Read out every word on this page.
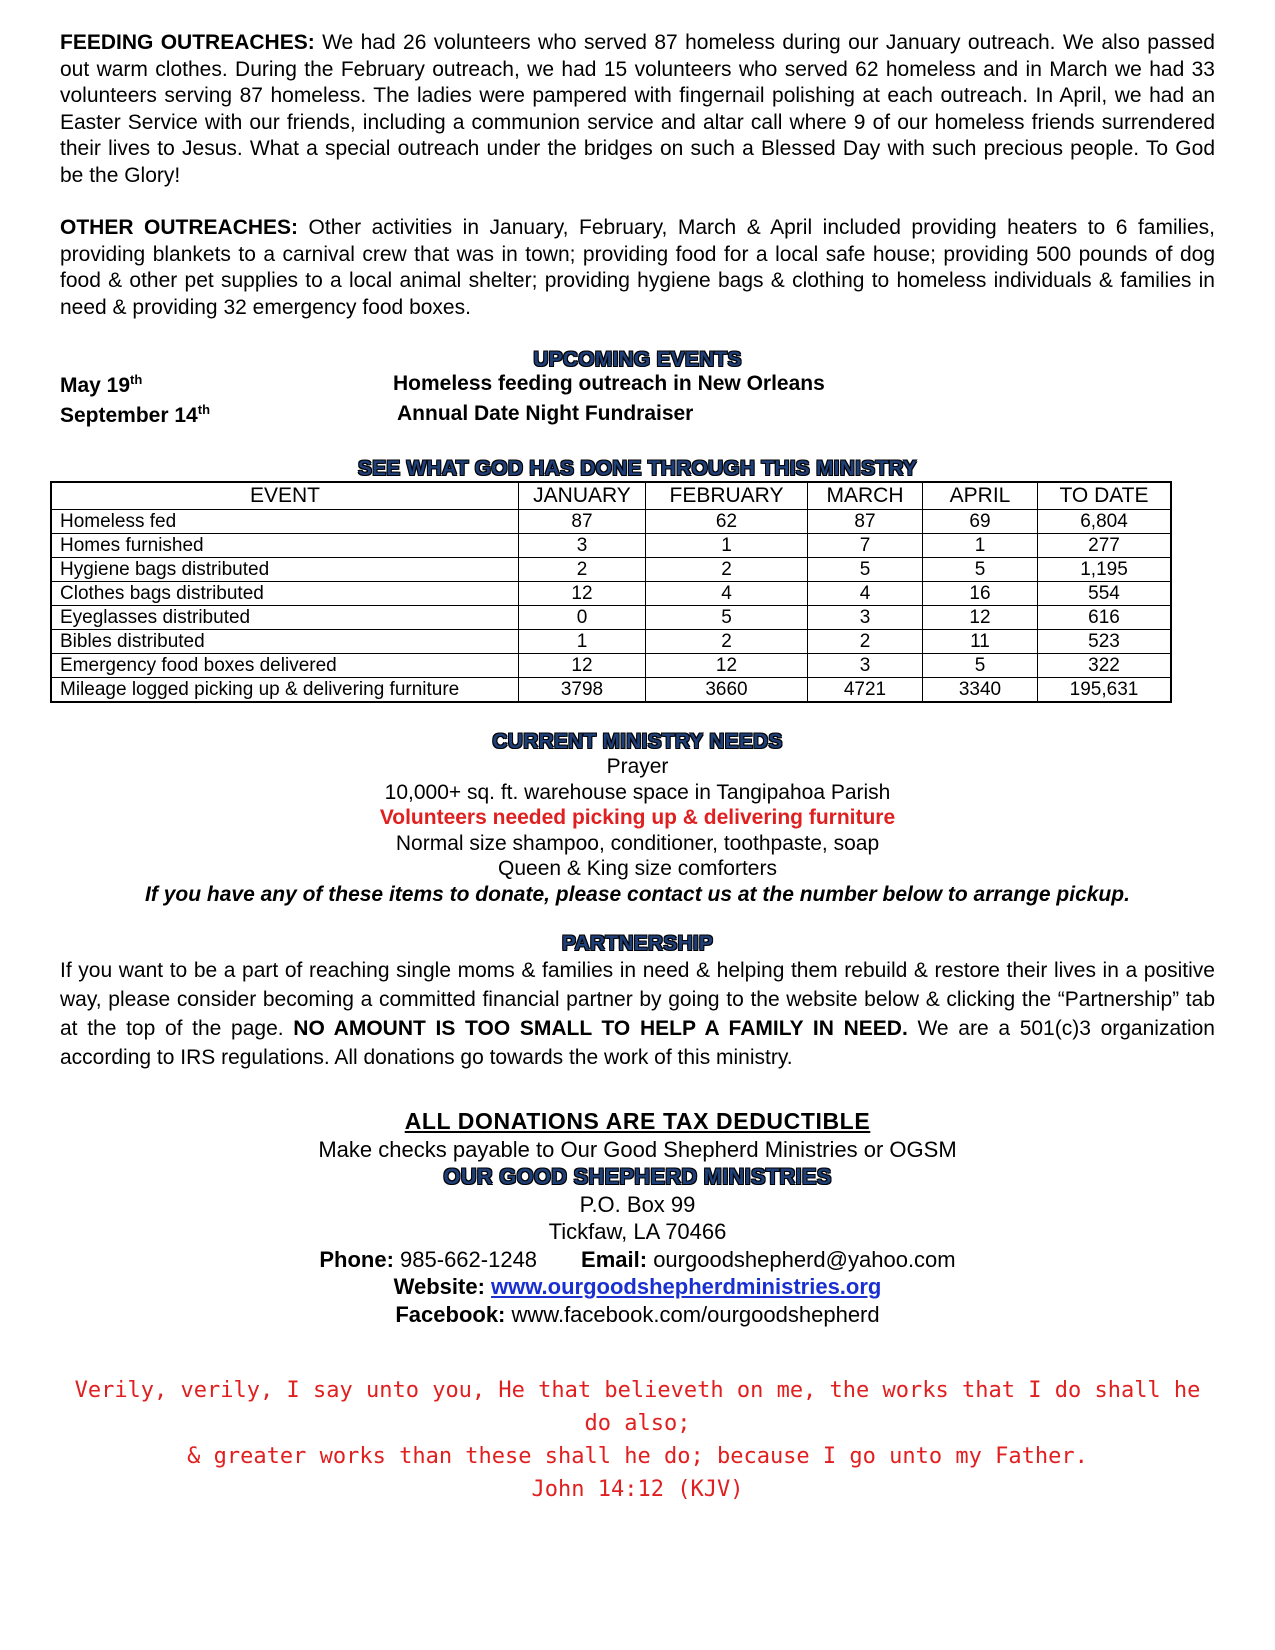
FEEDING OUTREACHES: We had 26 volunteers who served 87 homeless during our January outreach. We also passed out warm clothes. During the February outreach, we had 15 volunteers who served 62 homeless and in March we had 33 volunteers serving 87 homeless. The ladies were pampered with fingernail polishing at each outreach. In April, we had an Easter Service with our friends, including a communion service and altar call where 9 of our homeless friends surrendered their lives to Jesus. What a special outreach under the bridges on such a Blessed Day with such precious people. To God be the Glory!

OTHER OUTREACHES: Other activities in January, February, March & April included providing heaters to 6 families, providing blankets to a carnival crew that was in town; providing food for a local safe house; providing 500 pounds of dog food & other pet supplies to a local animal shelter; providing hygiene bags & clothing to homeless individuals & families in need & providing 32 emergency food boxes.

UPCOMING EVENTS
May 19th	Homeless feeding outreach in New Orleans
September 14th	Annual Date Night Fundraiser
SEE WHAT GOD HAS DONE THROUGH THIS MINISTRY
EVENT	JANUARY	FEBRUARY	MARCH	APRIL	TO DATE
Homeless fed	87	62	87	69	6,804
Homes furnished	3	1	7	1	277
Hygiene bags distributed	2	2	5	5	1,195
Clothes bags distributed	12	4	4	16	554
Eyeglasses distributed	0	5	3	12	616
Bibles distributed	1	2	2	11	523
Emergency food boxes delivered	12	12	3	5	322
Mileage logged picking up & delivering furniture	3798	3660	4721	3340	195,631
CURRENT MINISTRY NEEDS
Prayer
10,000+ sq. ft. warehouse space in Tangipahoa Parish
Volunteers needed picking up & delivering furniture
Normal size shampoo, conditioner, toothpaste, soap
Queen & King size comforters
If you have any of these items to donate, please contact us at the number below to arrange pickup.
PARTNERSHIP

If you want to be a part of reaching single moms & families in need & helping them rebuild & restore their lives in a positive way, please consider becoming a committed financial partner by going to the website below & clicking the “Partnership” tab at the top of the page. NO AMOUNT IS TOO SMALL TO HELP A FAMILY IN NEED. We are a 501(c)3 organization according to IRS regulations. All donations go towards the work of this ministry.

ALL DONATIONS ARE TAX DEDUCTIBLE
Make checks payable to Our Good Shepherd Ministries or OGSM
OUR GOOD SHEPHERD MINISTRIES
P.O. Box 99
Tickfaw, LA 70466
Phone: 985-662-1248 Email: ourgoodshepherd@yahoo.com
Website: www.ourgoodshepherdministries.org
Facebook: www.facebook.com/ourgoodshepherd
Verily, verily, I say unto you, He that believeth on me, the works that I do shall he do also;
& greater works than these shall he do; because I go unto my Father.
John 14:12 (KJV)
